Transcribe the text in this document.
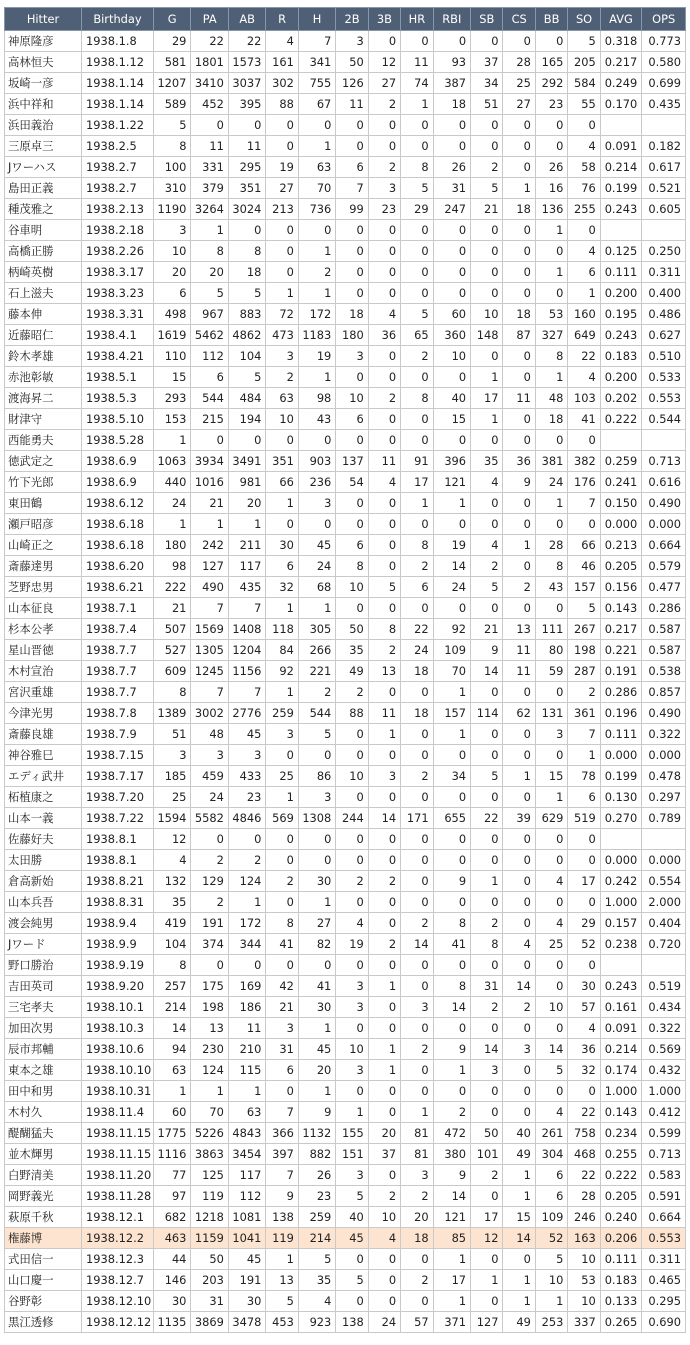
Hitter	Birthday	G	PA	AB	R	H	2B	3B	HR	RBI	SB	CS	BB	SO	AVG	OPS
神原隆彦	1938.1.8	29	22	22	4	7	3	0	0	0	0	0	0	5	0.318	0.773
高林恒夫	1938.1.12	581	1801	1573	161	341	50	12	11	93	37	28	165	205	0.217	0.580
坂崎一彦	1938.1.14	1207	3410	3037	302	755	126	27	74	387	34	25	292	584	0.249	0.699
浜中祥和	1938.1.14	589	452	395	88	67	11	2	1	18	51	27	23	55	0.170	0.435
浜田義治	1938.1.22	5	0	0	0	0	0	0	0	0	0	0	0	0		
三原卓三	1938.2.5	8	11	11	0	1	0	0	0	0	0	0	0	4	0.091	0.182
Jワーハス	1938.2.7	100	331	295	19	63	6	2	8	26	2	0	26	58	0.214	0.617
島田正義	1938.2.7	310	379	351	27	70	7	3	5	31	5	1	16	76	0.199	0.521
種茂雅之	1938.2.13	1190	3264	3024	213	736	99	23	29	247	21	18	136	255	0.243	0.605
谷車明	1938.2.18	3	1	0	0	0	0	0	0	0	0	0	1	0		
高橋正勝	1938.2.26	10	8	8	0	1	0	0	0	0	0	0	0	4	0.125	0.250
柄崎英樹	1938.3.17	20	20	18	0	2	0	0	0	0	0	0	1	6	0.111	0.311
石上滋夫	1938.3.23	6	5	5	1	1	0	0	0	0	0	0	0	1	0.200	0.400
藤本伸	1938.3.31	498	967	883	72	172	18	4	5	60	10	18	53	160	0.195	0.486
近藤昭仁	1938.4.1	1619	5462	4862	473	1183	180	36	65	360	148	87	327	649	0.243	0.627
鈴木孝雄	1938.4.21	110	112	104	3	19	3	0	2	10	0	0	8	22	0.183	0.510
赤池彰敏	1938.5.1	15	6	5	2	1	0	0	0	0	1	0	1	4	0.200	0.533
渡海昇二	1938.5.3	293	544	484	63	98	10	2	8	40	17	11	48	103	0.202	0.553
財津守	1938.5.10	153	215	194	10	43	6	0	0	15	1	0	18	41	0.222	0.544
西能勇夫	1938.5.28	1	0	0	0	0	0	0	0	0	0	0	0	0		
徳武定之	1938.6.9	1063	3934	3491	351	903	137	11	91	396	35	36	381	382	0.259	0.713
竹下光郎	1938.6.9	440	1016	981	66	236	54	4	17	121	4	9	24	176	0.241	0.616
東田鶴	1938.6.12	24	21	20	1	3	0	0	1	1	0	0	1	7	0.150	0.490
瀬戸昭彦	1938.6.18	1	1	1	0	0	0	0	0	0	0	0	0	0	0.000	0.000
山崎正之	1938.6.18	180	242	211	30	45	6	0	8	19	4	1	28	66	0.213	0.664
斎藤達男	1938.6.20	98	127	117	6	24	8	0	2	14	2	0	8	46	0.205	0.579
芝野忠男	1938.6.21	222	490	435	32	68	10	5	6	24	5	2	43	157	0.156	0.477
山本征良	1938.7.1	21	7	7	1	1	0	0	0	0	0	0	0	5	0.143	0.286
杉本公孝	1938.7.4	507	1569	1408	118	305	50	8	22	92	21	13	111	267	0.217	0.587
星山晋徳	1938.7.7	527	1305	1204	84	266	35	2	24	109	9	11	80	198	0.221	0.587
木村宣治	1938.7.7	609	1245	1156	92	221	49	13	18	70	14	11	59	287	0.191	0.538
宮沢重雄	1938.7.7	8	7	7	1	2	2	0	0	1	0	0	0	2	0.286	0.857
今津光男	1938.7.8	1389	3002	2776	259	544	88	11	18	157	114	62	131	361	0.196	0.490
斎藤良雄	1938.7.9	51	48	45	3	5	0	1	0	1	0	0	3	7	0.111	0.322
神谷雅巳	1938.7.15	3	3	3	0	0	0	0	0	0	0	0	0	1	0.000	0.000
エディ武井	1938.7.17	185	459	433	25	86	10	3	2	34	5	1	15	78	0.199	0.478
柘植康之	1938.7.20	25	24	23	1	3	0	0	0	0	0	0	1	6	0.130	0.297
山本一義	1938.7.22	1594	5582	4846	569	1308	244	14	171	655	22	39	629	519	0.270	0.789
佐藤好夫	1938.8.1	12	0	0	0	0	0	0	0	0	0	0	0	0		
太田勝	1938.8.1	4	2	2	0	0	0	0	0	0	0	0	0	0	0.000	0.000
倉高新始	1938.8.21	132	129	124	2	30	2	2	0	9	1	0	4	17	0.242	0.554
山本兵吾	1938.8.31	35	2	1	0	1	0	0	0	0	0	0	0	0	1.000	2.000
渡会純男	1938.9.4	419	191	172	8	27	4	0	2	8	2	0	4	29	0.157	0.404
Jワード	1938.9.9	104	374	344	41	82	19	2	14	41	8	4	25	52	0.238	0.720
野口勝治	1938.9.19	8	0	0	0	0	0	0	0	0	0	0	0	0		
吉田英司	1938.9.20	257	175	169	42	41	3	1	0	8	31	14	0	30	0.243	0.519
三宅孝夫	1938.10.1	214	198	186	21	30	3	0	3	14	2	2	10	57	0.161	0.434
加田次男	1938.10.3	14	13	11	3	1	0	0	0	0	0	0	0	4	0.091	0.322
辰市邦輔	1938.10.6	94	230	210	31	45	10	1	2	9	14	3	14	36	0.214	0.569
東本之雄	1938.10.10	63	124	115	6	20	3	1	0	1	3	0	5	32	0.174	0.432
田中和男	1938.10.31	1	1	1	0	1	0	0	0	0	0	0	0	0	1.000	1.000
木村久	1938.11.4	60	70	63	7	9	1	0	1	2	0	0	4	22	0.143	0.412
醍醐猛夫	1938.11.15	1775	5226	4843	366	1132	155	20	81	472	50	40	261	758	0.234	0.599
並木輝男	1938.11.15	1116	3863	3454	397	882	151	37	81	380	101	49	304	468	0.255	0.713
白野清美	1938.11.20	77	125	117	7	26	3	0	3	9	2	1	6	22	0.222	0.583
岡野義光	1938.11.28	97	119	112	9	23	5	2	2	14	0	1	6	28	0.205	0.591
萩原千秋	1938.12.1	682	1218	1081	138	259	40	10	20	121	17	15	109	246	0.240	0.664
権藤博	1938.12.2	463	1159	1041	119	214	45	4	18	85	12	14	52	163	0.206	0.553
式田信一	1938.12.3	44	50	45	1	5	0	0	0	1	0	0	5	10	0.111	0.311
山口慶一	1938.12.7	146	203	191	13	35	5	0	2	17	1	1	10	53	0.183	0.465
谷野彰	1938.12.10	30	31	30	5	4	0	0	0	1	0	1	1	10	0.133	0.295
黒江透修	1938.12.12	1135	3869	3478	453	923	138	24	57	371	127	49	253	337	0.265	0.690
